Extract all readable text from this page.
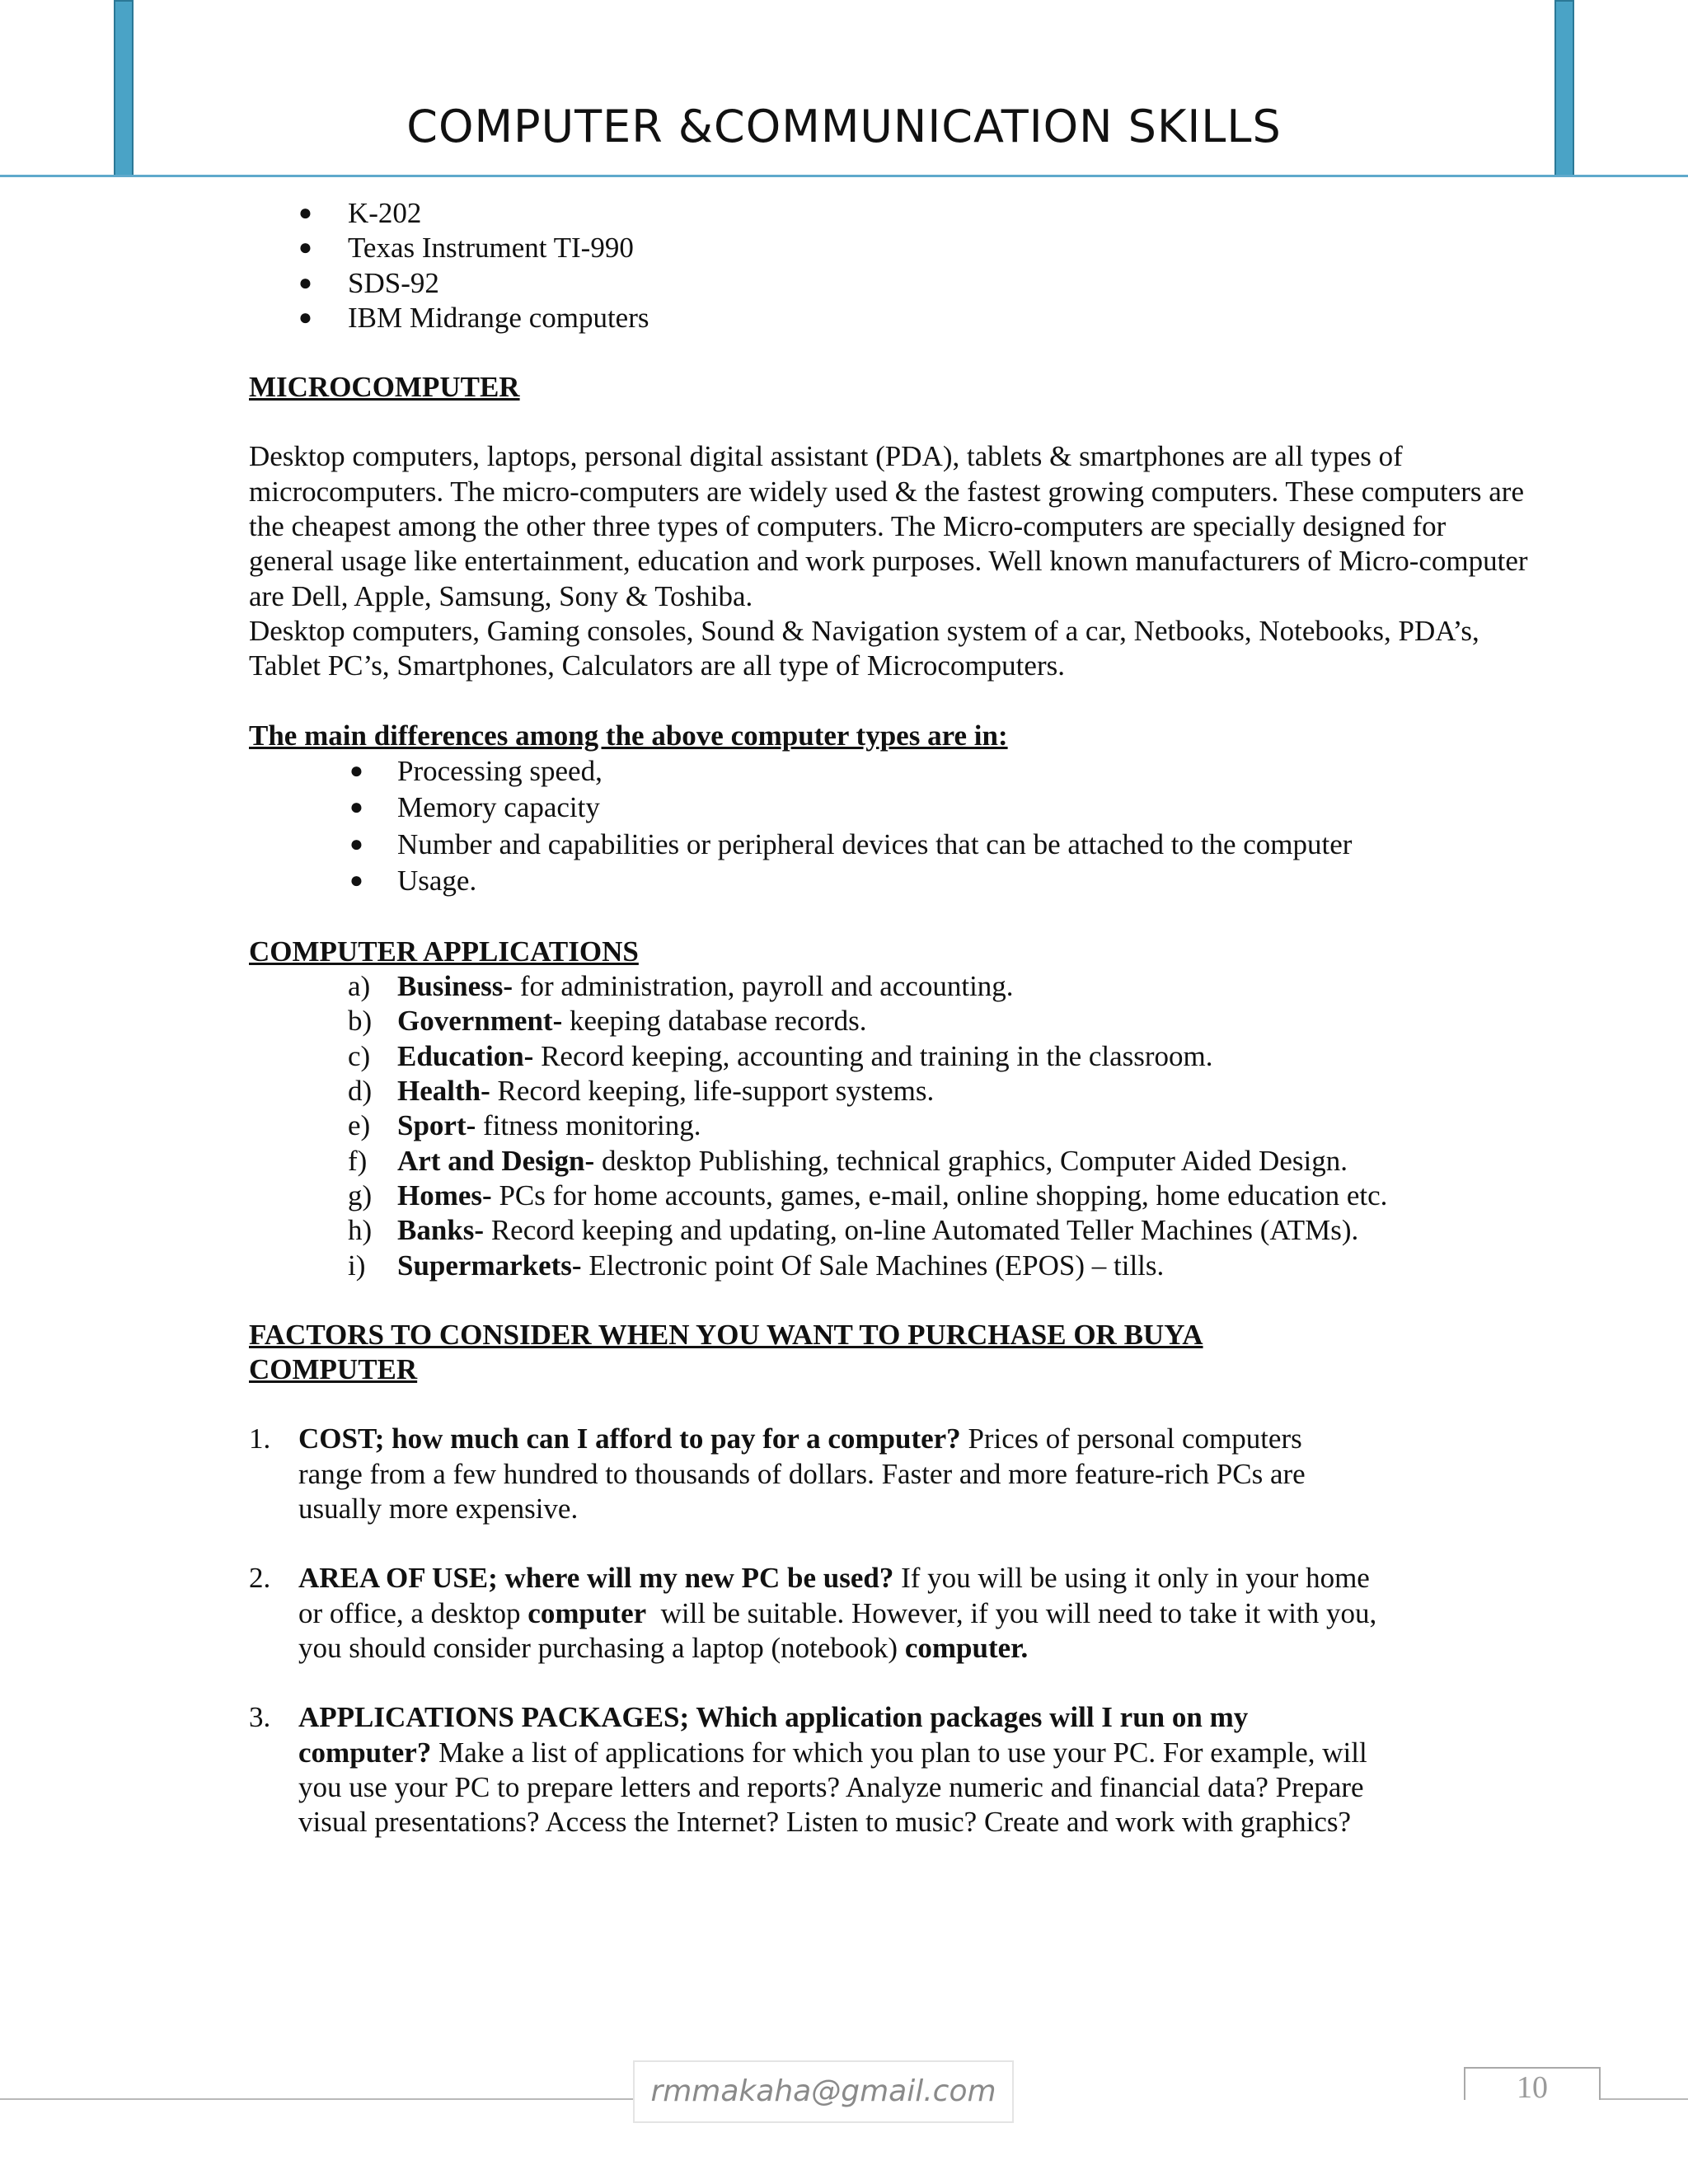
COMPUTER &COMMUNICATION SKILLS
● K-202
● Texas Instrument TI-990
● SDS-92
● IBM Midrange computers

MICROCOMPUTER

Desktop computers, laptops, personal digital assistant (PDA), tablets & smartphones are all types of microcomputers. The micro-computers are widely used & the fastest growing computers. These computers are the cheapest among the other three types of computers. The Micro-computers are specially designed for general usage like entertainment, education and work purposes. Well known manufacturers of Micro-computer are Dell, Apple, Samsung, Sony & Toshiba.

Desktop computers, Gaming consoles, Sound & Navigation system of a car, Netbooks, Notebooks, PDA’s, Tablet PC’s, Smartphones, Calculators are all type of Microcomputers.

The main differences among the above computer types are in:

● Processing speed,
● Memory capacity
● Number and capabilities or peripheral devices that can be attached to the computer
● Usage.

COMPUTER APPLICATIONS

a) Business- for administration, payroll and accounting.
b) Government- keeping database records.
c) Education- Record keeping, accounting and training in the classroom.
d) Health- Record keeping, life-support systems.
e) Sport- fitness monitoring.
f) Art and Design- desktop Publishing, technical graphics, Computer Aided Design.
g) Homes- PCs for home accounts, games, e-mail, online shopping, home education etc.
h) Banks- Record keeping and updating, on-line Automated Teller Machines (ATMs).
i) Supermarkets- Electronic point Of Sale Machines (EPOS) – tills.

FACTORS TO CONSIDER WHEN YOU WANT TO PURCHASE OR BUYA

COMPUTER

1. COST; how much can I afford to pay for a computer? Prices of personal computers range from a few hundred to thousands of dollars. Faster and more feature-rich PCs are usually more expensive.
2. AREA OF USE; where will my new PC be used? If you will be using it only in your home or office, a desktop computer  will be suitable. However, if you will need to take it with you, you should consider purchasing a laptop (notebook) computer.
3. APPLICATIONS PACKAGES; Which application packages will I run on my computer? Make a list of applications for which you plan to use your PC. For example, will you use your PC to prepare letters and reports? Analyze numeric and financial data? Prepare visual presentations? Access the Internet? Listen to music? Create and work with graphics?
rmmakaha@gmail.com	10
